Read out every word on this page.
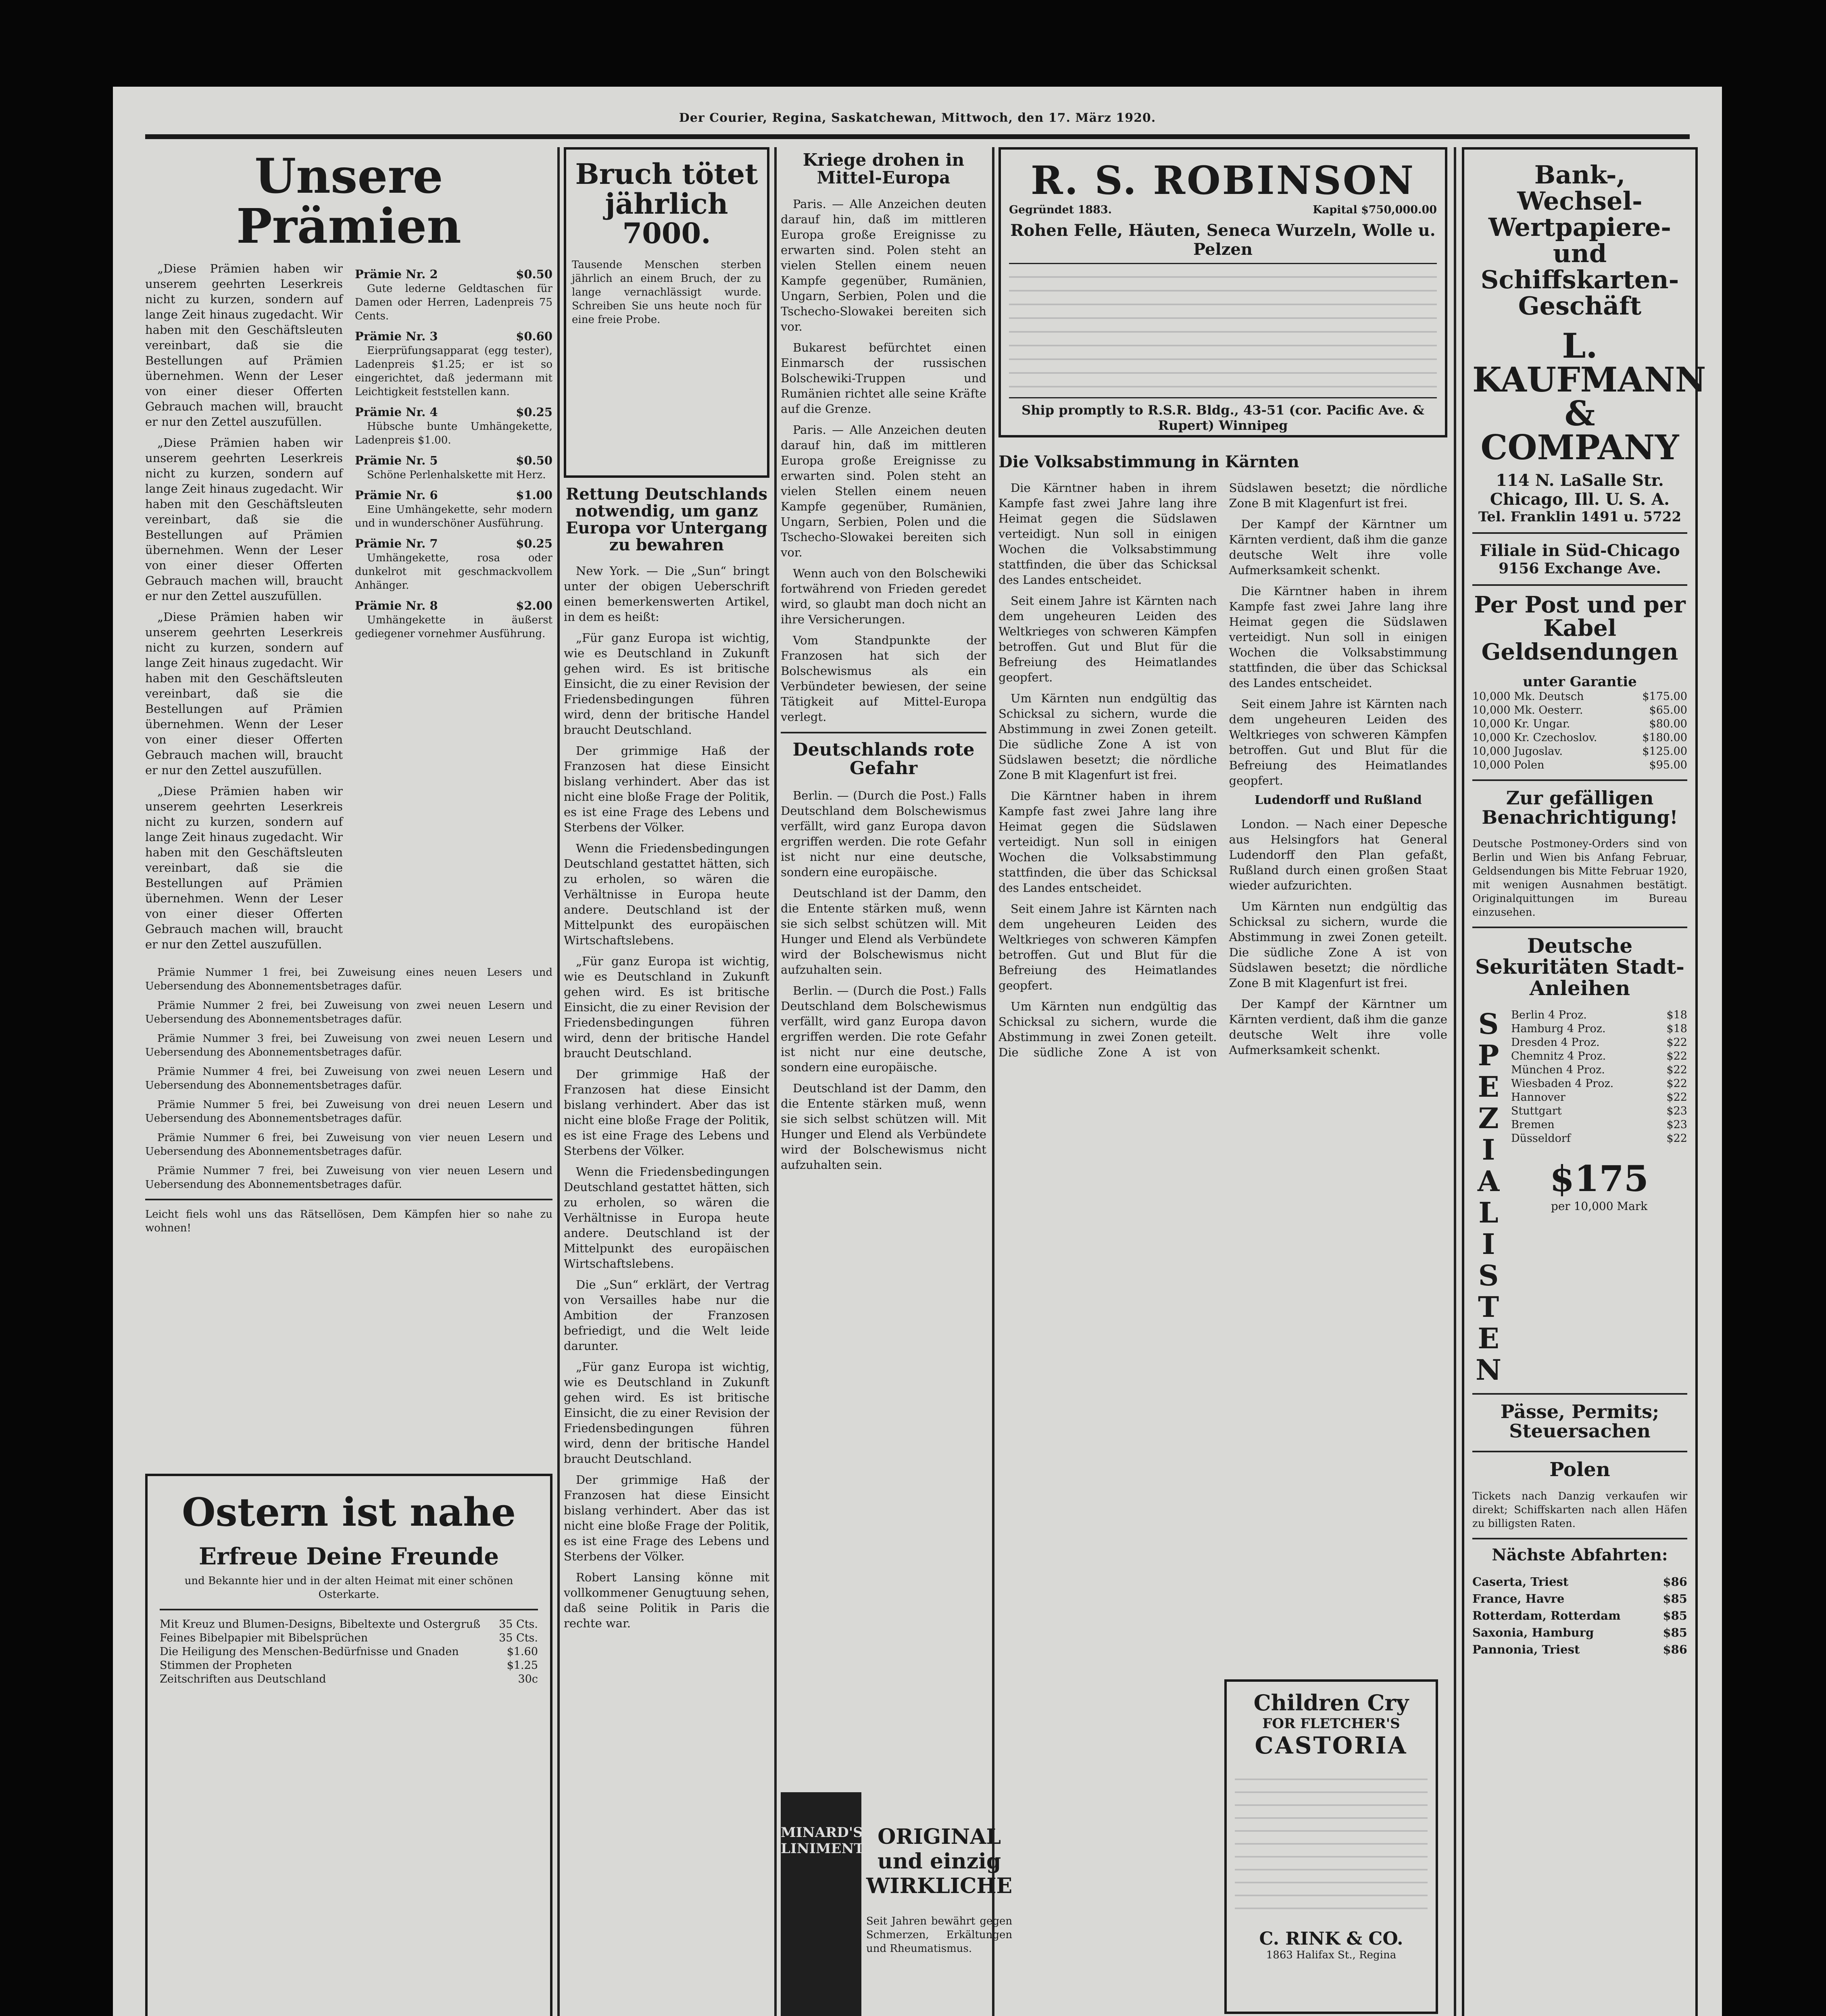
Der Courier, Regina, Saskatchewan, Mittwoch, den 17. März 1920.
Unsere Prämien

„Diese Prämien haben wir unserem geehrten Leserkreis nicht zu kurzen, sondern auf lange Zeit hinaus zugedacht. Wir haben mit den Geschäftsleuten vereinbart, daß sie die Bestellungen auf Prämien übernehmen. Wenn der Leser von einer dieser Offerten Gebrauch machen will, braucht er nur den Zettel auszufüllen.

„Diese Prämien haben wir unserem geehrten Leserkreis nicht zu kurzen, sondern auf lange Zeit hinaus zugedacht. Wir haben mit den Geschäftsleuten vereinbart, daß sie die Bestellungen auf Prämien übernehmen. Wenn der Leser von einer dieser Offerten Gebrauch machen will, braucht er nur den Zettel auszufüllen.

„Diese Prämien haben wir unserem geehrten Leserkreis nicht zu kurzen, sondern auf lange Zeit hinaus zugedacht. Wir haben mit den Geschäftsleuten vereinbart, daß sie die Bestellungen auf Prämien übernehmen. Wenn der Leser von einer dieser Offerten Gebrauch machen will, braucht er nur den Zettel auszufüllen.

„Diese Prämien haben wir unserem geehrten Leserkreis nicht zu kurzen, sondern auf lange Zeit hinaus zugedacht. Wir haben mit den Geschäftsleuten vereinbart, daß sie die Bestellungen auf Prämien übernehmen. Wenn der Leser von einer dieser Offerten Gebrauch machen will, braucht er nur den Zettel auszufüllen.

Prämie Nr. 2	$0.50

Gute lederne Geldtaschen für Damen oder Herren, Ladenpreis 75 Cents.

Prämie Nr. 3	$0.60

Eierprüfungsapparat (egg tester), Ladenpreis $1.25; er ist so eingerichtet, daß jedermann mit Leichtigkeit feststellen kann.

Prämie Nr. 4	$0.25

Hübsche bunte Umhängekette, Ladenpreis $1.00.

Prämie Nr. 5	$0.50

Schöne Perlenhalskette mit Herz.

Prämie Nr. 6	$1.00

Eine Umhängekette, sehr modern und in wunderschöner Ausführung.

Prämie Nr. 7	$0.25

Umhängekette, rosa oder dunkelrot mit geschmackvollem Anhänger.

Prämie Nr. 8	$2.00

Umhängekette in äußerst gediegener vornehmer Ausführung.

Prämie Nummer 1 frei, bei Zuweisung eines neuen Lesers und Uebersendung des Abonnementsbetrages dafür.

Prämie Nummer 2 frei, bei Zuweisung von zwei neuen Lesern und Uebersendung des Abonnementsbetrages dafür.

Prämie Nummer 3 frei, bei Zuweisung von zwei neuen Lesern und Uebersendung des Abonnementsbetrages dafür.

Prämie Nummer 4 frei, bei Zuweisung von zwei neuen Lesern und Uebersendung des Abonnementsbetrages dafür.

Prämie Nummer 5 frei, bei Zuweisung von drei neuen Lesern und Uebersendung des Abonnementsbetrages dafür.

Prämie Nummer 6 frei, bei Zuweisung von vier neuen Lesern und Uebersendung des Abonnementsbetrages dafür.

Prämie Nummer 7 frei, bei Zuweisung von vier neuen Lesern und Uebersendung des Abonnementsbetrages dafür.

Leicht fiels wohl uns das Rätsellösen, Dem Kämpfen hier so nahe zu wohnen!
Ostern ist nahe
Erfreue Deine Freunde
und Bekannte hier und in der alten Heimat mit einer schönen Osterkarte.
Mit Kreuz und Blumen-Designs, Bibeltexte und Ostergruß 35 Cts.
Feines Bibelpapier mit Bibelsprüchen	35 Cts.
Die Heiligung des Menschen-Bedürfnisse und Gnaden	$1.60
Stimmen der Propheten	$1.25
Zeitschriften aus Deutschland	30c
Bruch tötet jährlich 7000.
Tausende Menschen sterben jährlich an einem Bruch, der zu lange vernachlässigt wurde. Schreiben Sie uns heute noch für eine freie Probe.
Rettung Deutschlands notwendig, um ganz Europa vor Untergang zu bewahren

New York. — Die „Sun“ bringt unter der obigen Ueberschrift einen bemerkenswerten Artikel, in dem es heißt:

„Für ganz Europa ist wichtig, wie es Deutschland in Zukunft gehen wird. Es ist britische Einsicht, die zu einer Revision der Friedensbedingungen führen wird, denn der britische Handel braucht Deutschland.

Der grimmige Haß der Franzosen hat diese Einsicht bislang verhindert. Aber das ist nicht eine bloße Frage der Politik, es ist eine Frage des Lebens und Sterbens der Völker.

Wenn die Friedensbedingungen Deutschland gestattet hätten, sich zu erholen, so wären die Verhältnisse in Europa heute andere. Deutschland ist der Mittelpunkt des europäischen Wirtschaftslebens.

„Für ganz Europa ist wichtig, wie es Deutschland in Zukunft gehen wird. Es ist britische Einsicht, die zu einer Revision der Friedensbedingungen führen wird, denn der britische Handel braucht Deutschland.

Der grimmige Haß der Franzosen hat diese Einsicht bislang verhindert. Aber das ist nicht eine bloße Frage der Politik, es ist eine Frage des Lebens und Sterbens der Völker.

Wenn die Friedensbedingungen Deutschland gestattet hätten, sich zu erholen, so wären die Verhältnisse in Europa heute andere. Deutschland ist der Mittelpunkt des europäischen Wirtschaftslebens.

Die „Sun“ erklärt, der Vertrag von Versailles habe nur die Ambition der Franzosen befriedigt, und die Welt leide darunter.

„Für ganz Europa ist wichtig, wie es Deutschland in Zukunft gehen wird. Es ist britische Einsicht, die zu einer Revision der Friedensbedingungen führen wird, denn der britische Handel braucht Deutschland.

Der grimmige Haß der Franzosen hat diese Einsicht bislang verhindert. Aber das ist nicht eine bloße Frage der Politik, es ist eine Frage des Lebens und Sterbens der Völker.

Robert Lansing könne mit vollkommener Genugtuung sehen, daß seine Politik in Paris die rechte war.

Kriege drohen in Mittel-Europa

Paris. — Alle Anzeichen deuten darauf hin, daß im mittleren Europa große Ereignisse zu erwarten sind. Polen steht an vielen Stellen einem neuen Kampfe gegenüber, Rumänien, Ungarn, Serbien, Polen und die Tschecho-Slowakei bereiten sich vor.

Bukarest befürchtet einen Einmarsch der russischen Bolschewiki-Truppen und Rumänien richtet alle seine Kräfte auf die Grenze.

Paris. — Alle Anzeichen deuten darauf hin, daß im mittleren Europa große Ereignisse zu erwarten sind. Polen steht an vielen Stellen einem neuen Kampfe gegenüber, Rumänien, Ungarn, Serbien, Polen und die Tschecho-Slowakei bereiten sich vor.

Wenn auch von den Bolschewiki fortwährend von Frieden geredet wird, so glaubt man doch nicht an ihre Versicherungen.

Vom Standpunkte der Franzosen hat sich der Bolschewismus als ein Verbündeter bewiesen, der seine Tätigkeit auf Mittel-Europa verlegt.

Deutschlands rote Gefahr

Berlin. — (Durch die Post.) Falls Deutschland dem Bolschewismus verfällt, wird ganz Europa davon ergriffen werden. Die rote Gefahr ist nicht nur eine deutsche, sondern eine europäische.

Deutschland ist der Damm, den die Entente stärken muß, wenn sie sich selbst schützen will. Mit Hunger und Elend als Verbündete wird der Bolschewismus nicht aufzuhalten sein.

Berlin. — (Durch die Post.) Falls Deutschland dem Bolschewismus verfällt, wird ganz Europa davon ergriffen werden. Die rote Gefahr ist nicht nur eine deutsche, sondern eine europäische.

Deutschland ist der Damm, den die Entente stärken muß, wenn sie sich selbst schützen will. Mit Hunger und Elend als Verbündete wird der Bolschewismus nicht aufzuhalten sein.

MINARD'S LINIMENT ORIGINAL und einzig WIRKLICHE
Seit Jahren bewährt gegen Schmerzen, Erkältungen und Rheumatismus.
R. S. ROBINSON
Gegründet 1883.	Kapital $750,000.00
Rohen Felle, Häuten, Seneca Wurzeln, Wolle u. Pelzen
Ship promptly to R.S.R. Bldg., 43-51 (cor. Pacific Ave. & Rupert) Winnipeg
Die Volksabstimmung in Kärnten

Die Kärntner haben in ihrem Kampfe fast zwei Jahre lang ihre Heimat gegen die Südslawen verteidigt. Nun soll in einigen Wochen die Volksabstimmung stattfinden, die über das Schicksal des Landes entscheidet.

Seit einem Jahre ist Kärnten nach dem ungeheuren Leiden des Weltkrieges von schweren Kämpfen betroffen. Gut und Blut für die Befreiung des Heimatlandes geopfert.

Um Kärnten nun endgültig das Schicksal zu sichern, wurde die Abstimmung in zwei Zonen geteilt. Die südliche Zone A ist von Südslawen besetzt; die nördliche Zone B mit Klagenfurt ist frei.

Die Kärntner haben in ihrem Kampfe fast zwei Jahre lang ihre Heimat gegen die Südslawen verteidigt. Nun soll in einigen Wochen die Volksabstimmung stattfinden, die über das Schicksal des Landes entscheidet.

Seit einem Jahre ist Kärnten nach dem ungeheuren Leiden des Weltkrieges von schweren Kämpfen betroffen. Gut und Blut für die Befreiung des Heimatlandes geopfert.

Um Kärnten nun endgültig das Schicksal zu sichern, wurde die Abstimmung in zwei Zonen geteilt. Die südliche Zone A ist von Südslawen besetzt; die nördliche Zone B mit Klagenfurt ist frei.

Der Kampf der Kärntner um Kärnten verdient, daß ihm die ganze deutsche Welt ihre volle Aufmerksamkeit schenkt.

Die Kärntner haben in ihrem Kampfe fast zwei Jahre lang ihre Heimat gegen die Südslawen verteidigt. Nun soll in einigen Wochen die Volksabstimmung stattfinden, die über das Schicksal des Landes entscheidet.

Seit einem Jahre ist Kärnten nach dem ungeheuren Leiden des Weltkrieges von schweren Kämpfen betroffen. Gut und Blut für die Befreiung des Heimatlandes geopfert.

Ludendorff und Rußland

London. — Nach einer Depesche aus Helsingfors hat General Ludendorff den Plan gefaßt, Rußland durch einen großen Staat wieder aufzurichten.

Um Kärnten nun endgültig das Schicksal zu sichern, wurde die Abstimmung in zwei Zonen geteilt. Die südliche Zone A ist von Südslawen besetzt; die nördliche Zone B mit Klagenfurt ist frei.

Der Kampf der Kärntner um Kärnten verdient, daß ihm die ganze deutsche Welt ihre volle Aufmerksamkeit schenkt.

Children Cry
FOR FLETCHER'S
CASTORIA
C. RINK & CO.
1863 Halifax St., Regina
Bank-, Wechsel-Wertpapiere- und Schiffskarten-Geschäft
L. KAUFMANN & COMPANY
114 N. LaSalle Str.
Chicago, Ill. U. S. A.
Tel. Franklin 1491 u. 5722
Filiale in Süd-Chicago
9156 Exchange Ave.
Per Post und per Kabel Geldsendungen
unter Garantie
10,000 Mk. Deutsch	$175.00
10,000 Mk. Oesterr.	$65.00
10,000 Kr. Ungar.	$80.00
10,000 Kr. Czechoslov.	$180.00
10,000 Jugoslav.	$125.00
10,000 Polen	$95.00
Zur gefälligen Benachrichtigung!
Deutsche Postmoney-Orders sind von Berlin und Wien bis Anfang Februar, Geldsendungen bis Mitte Februar 1920, mit wenigen Ausnahmen bestätigt. Originalquittungen im Bureau einzusehen.
Deutsche Sekuritäten Stadt-Anleihen
SPEZIALISTEN
Berlin 4 Proz.	$18
Hamburg 4 Proz.	$18
Dresden 4 Proz.	$22
Chemnitz 4 Proz.	$22
München 4 Proz.	$22
Wiesbaden 4 Proz.	$22
Hannover	$22
Stuttgart	$23
Bremen	$23
Düsseldorf	$22
$175
per 10,000 Mark
Pässe, Permits; Steuersachen
Polen
Tickets nach Danzig verkaufen wir direkt; Schiffskarten nach allen Häfen zu billigsten Raten.
Nächste Abfahrten:
Caserta, Triest	$86
France, Havre	$85
Rotterdam, Rotterdam	$85
Saxonia, Hamburg	$85
Pannonia, Triest	$86
